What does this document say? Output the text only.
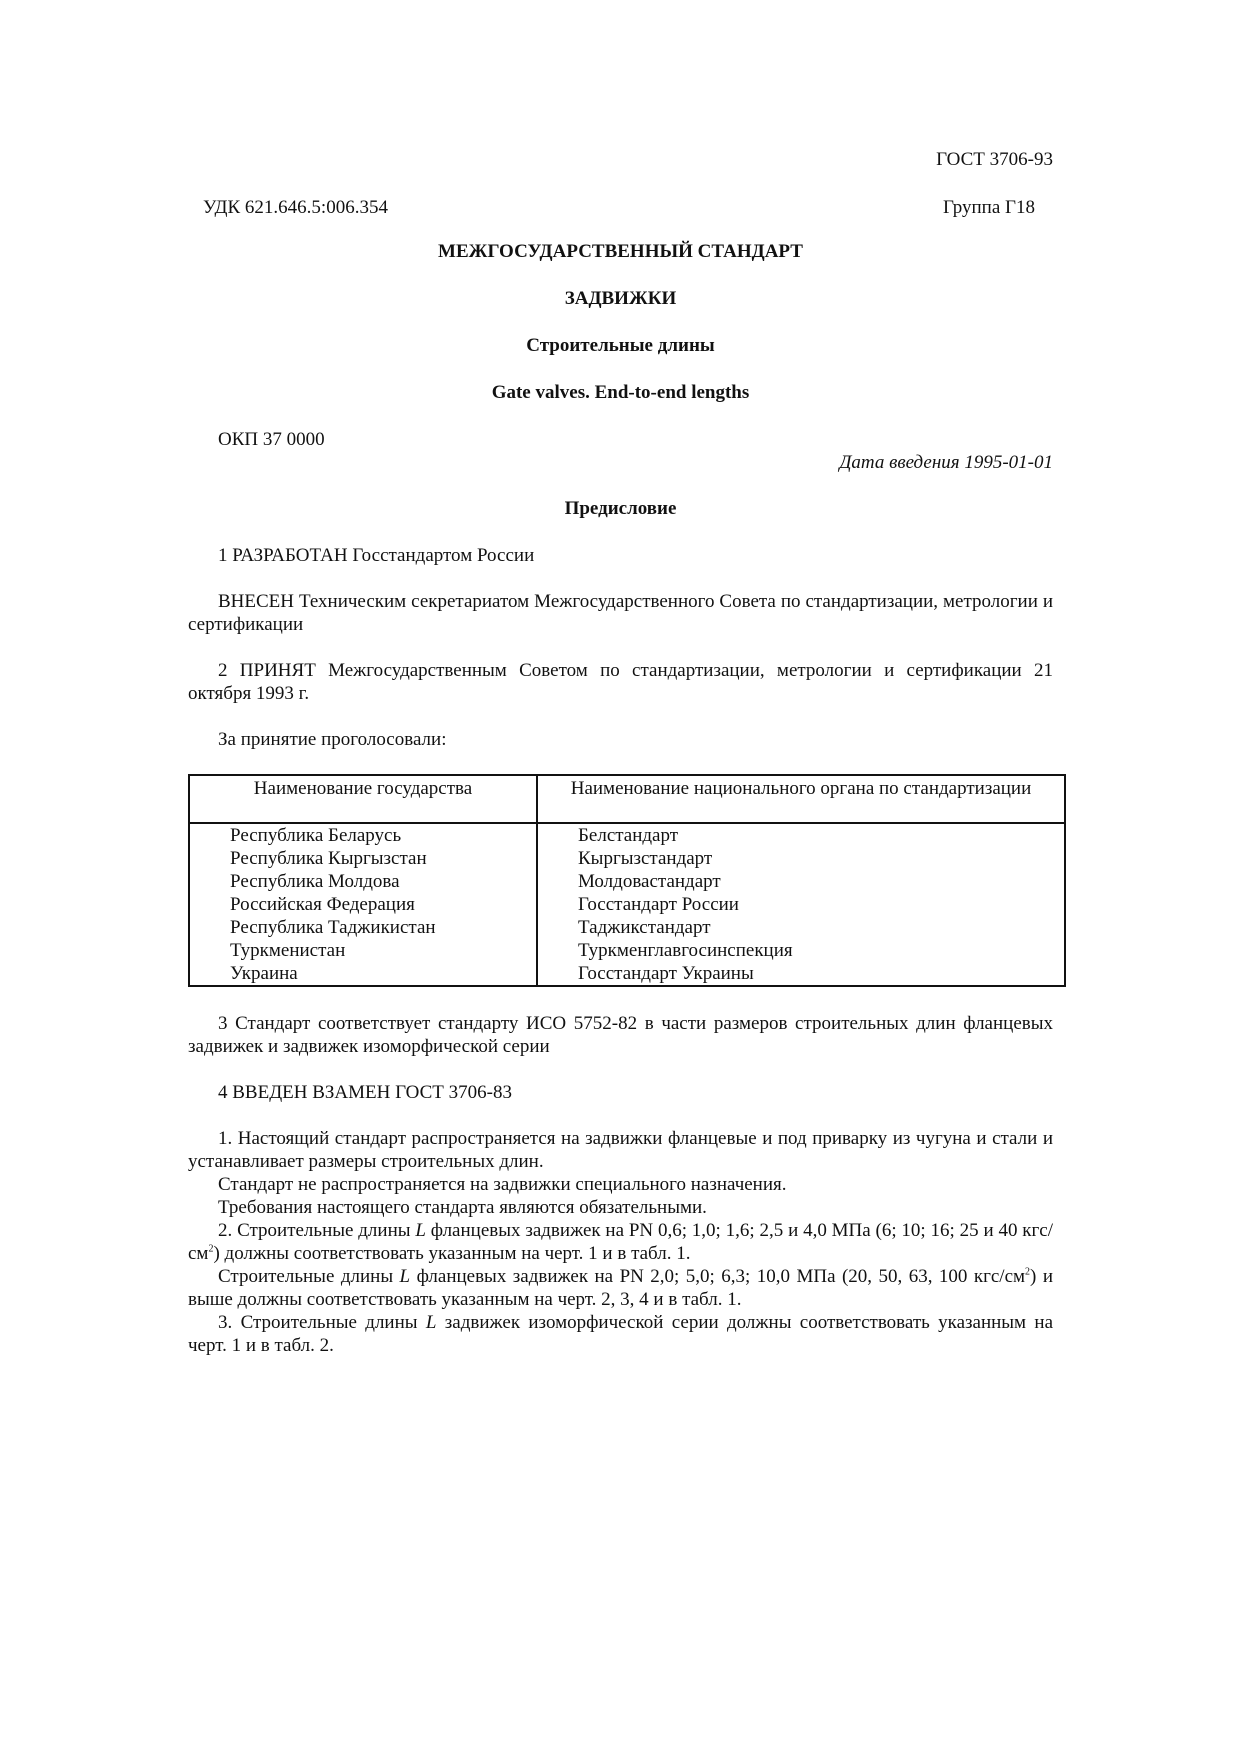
ГОСТ 3706-93
УДК 621.646.5:006.354	Группа Г18
МЕЖГОСУДАРСТВЕННЫЙ СТАНДАРТ
ЗАДВИЖКИ
Строительные длины
Gate valves. End-to-end lengths
ОКП 37 0000
Дата введения 1995-01-01
Предисловие
1 РАЗРАБОТАН Госстандартом России
ВНЕСЕН Техническим секретариатом Межгосударственного Совета по стандартизации, метрологии и сертификации
2 ПРИНЯТ Межгосударственным Советом по стандартизации, метрологии и сертификации 21 октября 1993 г.
За принятие проголосовали:
Наименование государства	Наименование национального органа по стандартизации
Республика Беларусь	Белстандарт
Республика Кыргызстан	Кыргызстандарт
Республика Молдова	Молдовастандарт
Российская Федерация	Госстандарт России
Республика Таджикистан	Таджикстандарт
Туркменистан	Туркменглавгосинспекция
Украина	Госстандарт Украины
3 Стандарт соответствует стандарту ИСО 5752-82 в части размеров строительных длин фланцевых задвижек и задвижек изоморфической серии
4 ВВЕДЕН ВЗАМЕН ГОСТ 3706-83

1. Настоящий стандарт распространяется на задвижки фланцевые и под приварку из чугуна и стали и устанавливает размеры строительных длин.

Стандарт не распространяется на задвижки специального назначения.

Требования настоящего стандарта являются обязательными.

2. Строительные длины L фланцевых задвижек на PN 0,6; 1,0; 1,6; 2,5 и 4,0 МПа (6; 10; 16; 25 и 40 кгс/$см^2$) должны соответствовать указанным на черт. 1 и в табл. 1.

Строительные длины L фланцевых задвижек на PN 2,0; 5,0; 6,3; 10,0 МПа (20, 50, 63, 100 кгс/$см^2$) и выше должны соответствовать указанным на черт. 2, 3, 4 и в табл. 1.

3. Строительные длины L задвижек изоморфической серии должны соответствовать указанным на черт. 1 и в табл. 2.
